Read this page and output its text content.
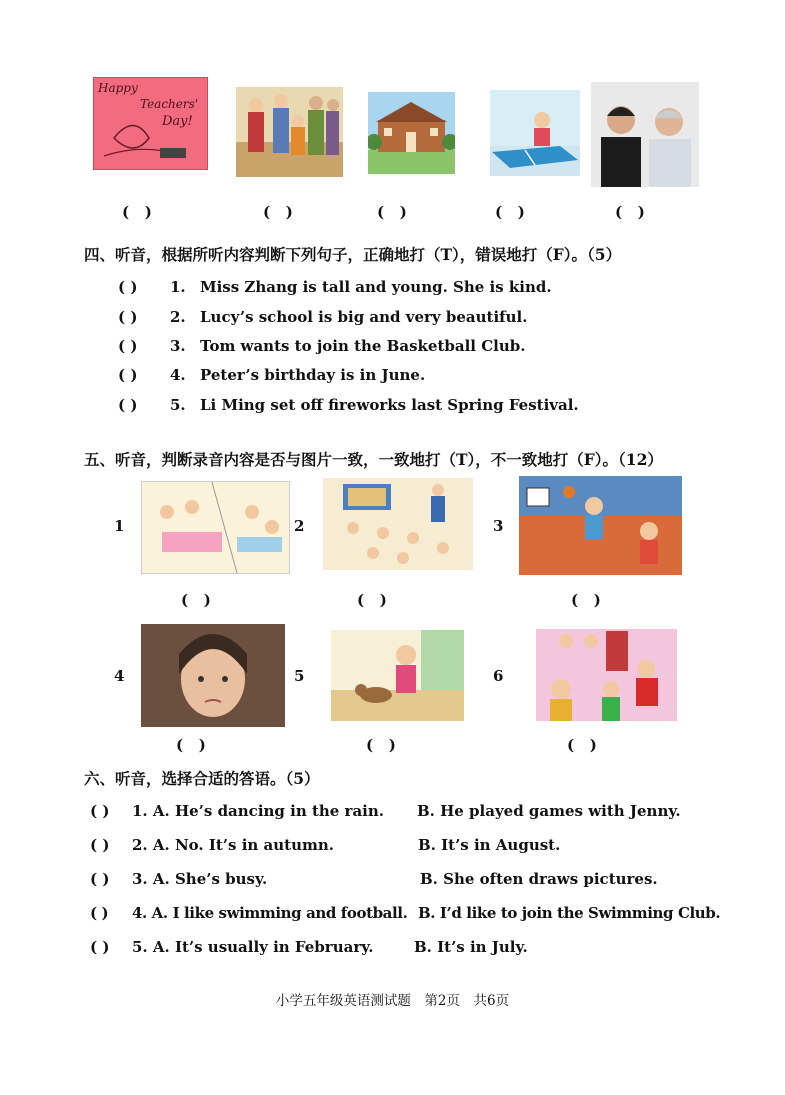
Happy
Teachers'
Day!
(   )	(   )	(   )	(   )	(   )
四、听音，根据所听内容判断下列句子，正确地打（T），错误地打（F）。（5）
( ) 1. Miss Zhang is tall and young. She is kind.
( ) 2. Lucy’s school is big and very beautiful.
( ) 3. Tom wants to join the Basketball Club.
( ) 4. Peter’s birthday is in June.
( ) 5. Li Ming set off fireworks last Spring Festival.
五、听音，判断录音内容是否与图片一致，一致地打（T），不一致地打（F）。（12）
1	2	3
(   )	(   )	(   )
4	5	6
(   )	(   )	(   )
六、听音，选择合适的答语。（5）
( ) 1. A. He’s dancing in the rain. B. He played games with Jenny.
( ) 2. A. No. It’s in autumn.	B. It’s in August.
( ) 3. A. She’s busy.	B. She often draws pictures.
( ) 4. A. I like swimming and football. B. I’d like to join the Swimming Club.
( ) 5. A. It’s usually in February.	B. It’s in July.
小学五年级英语测试题　第2页　共6页
